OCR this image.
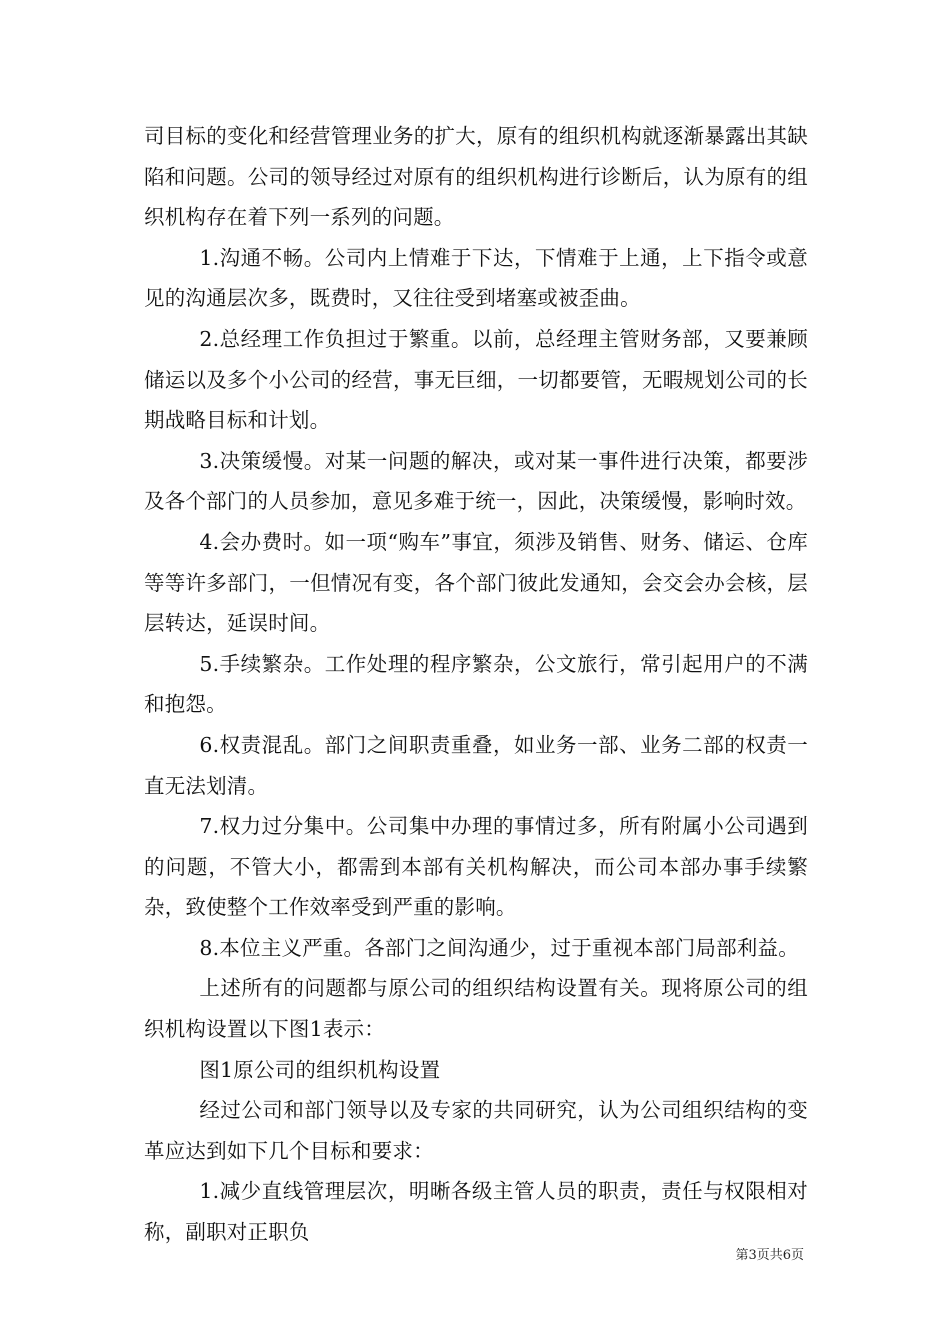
司目标的变化和经营管理业务的扩大，原有的组织机构就逐渐暴露出其缺陷和问题。公司的领导经过对原有的组织机构进行诊断后，认为原有的组织机构存在着下列一系列的问题。

1.沟通不畅。公司内上情难于下达，下情难于上通，上下指令或意见的沟通层次多，既费时，又往往受到堵塞或被歪曲。

2.总经理工作负担过于繁重。以前，总经理主管财务部，又要兼顾储运以及多个小公司的经营，事无巨细，一切都要管，无暇规划公司的长期战略目标和计划。

3.决策缓慢。对某一问题的解决，或对某一事件进行决策，都要涉及各个部门的人员参加，意见多难于统一，因此，决策缓慢，影响时效。

4.会办费时。如一项“购车”事宜，须涉及销售、财务、储运、仓库等等许多部门，一但情况有变，各个部门彼此发通知，会交会办会核，层层转达，延误时间。

5.手续繁杂。工作处理的程序繁杂，公文旅行，常引起用户的不满和抱怨。

6.权责混乱。部门之间职责重叠，如业务一部、业务二部的权责一直无法划清。

7.权力过分集中。公司集中办理的事情过多，所有附属小公司遇到的问题，不管大小，都需到本部有关机构解决，而公司本部办事手续繁杂，致使整个工作效率受到严重的影响。

8.本位主义严重。各部门之间沟通少，过于重视本部门局部利益。

上述所有的问题都与原公司的组织结构设置有关。现将原公司的组织机构设置以下图1表示：

图1原公司的组织机构设置

经过公司和部门领导以及专家的共同研究，认为公司组织结构的变革应达到如下几个目标和要求：

1.减少直线管理层次，明晰各级主管人员的职责，责任与权限相对称，副职对正职负

第3页共6页
